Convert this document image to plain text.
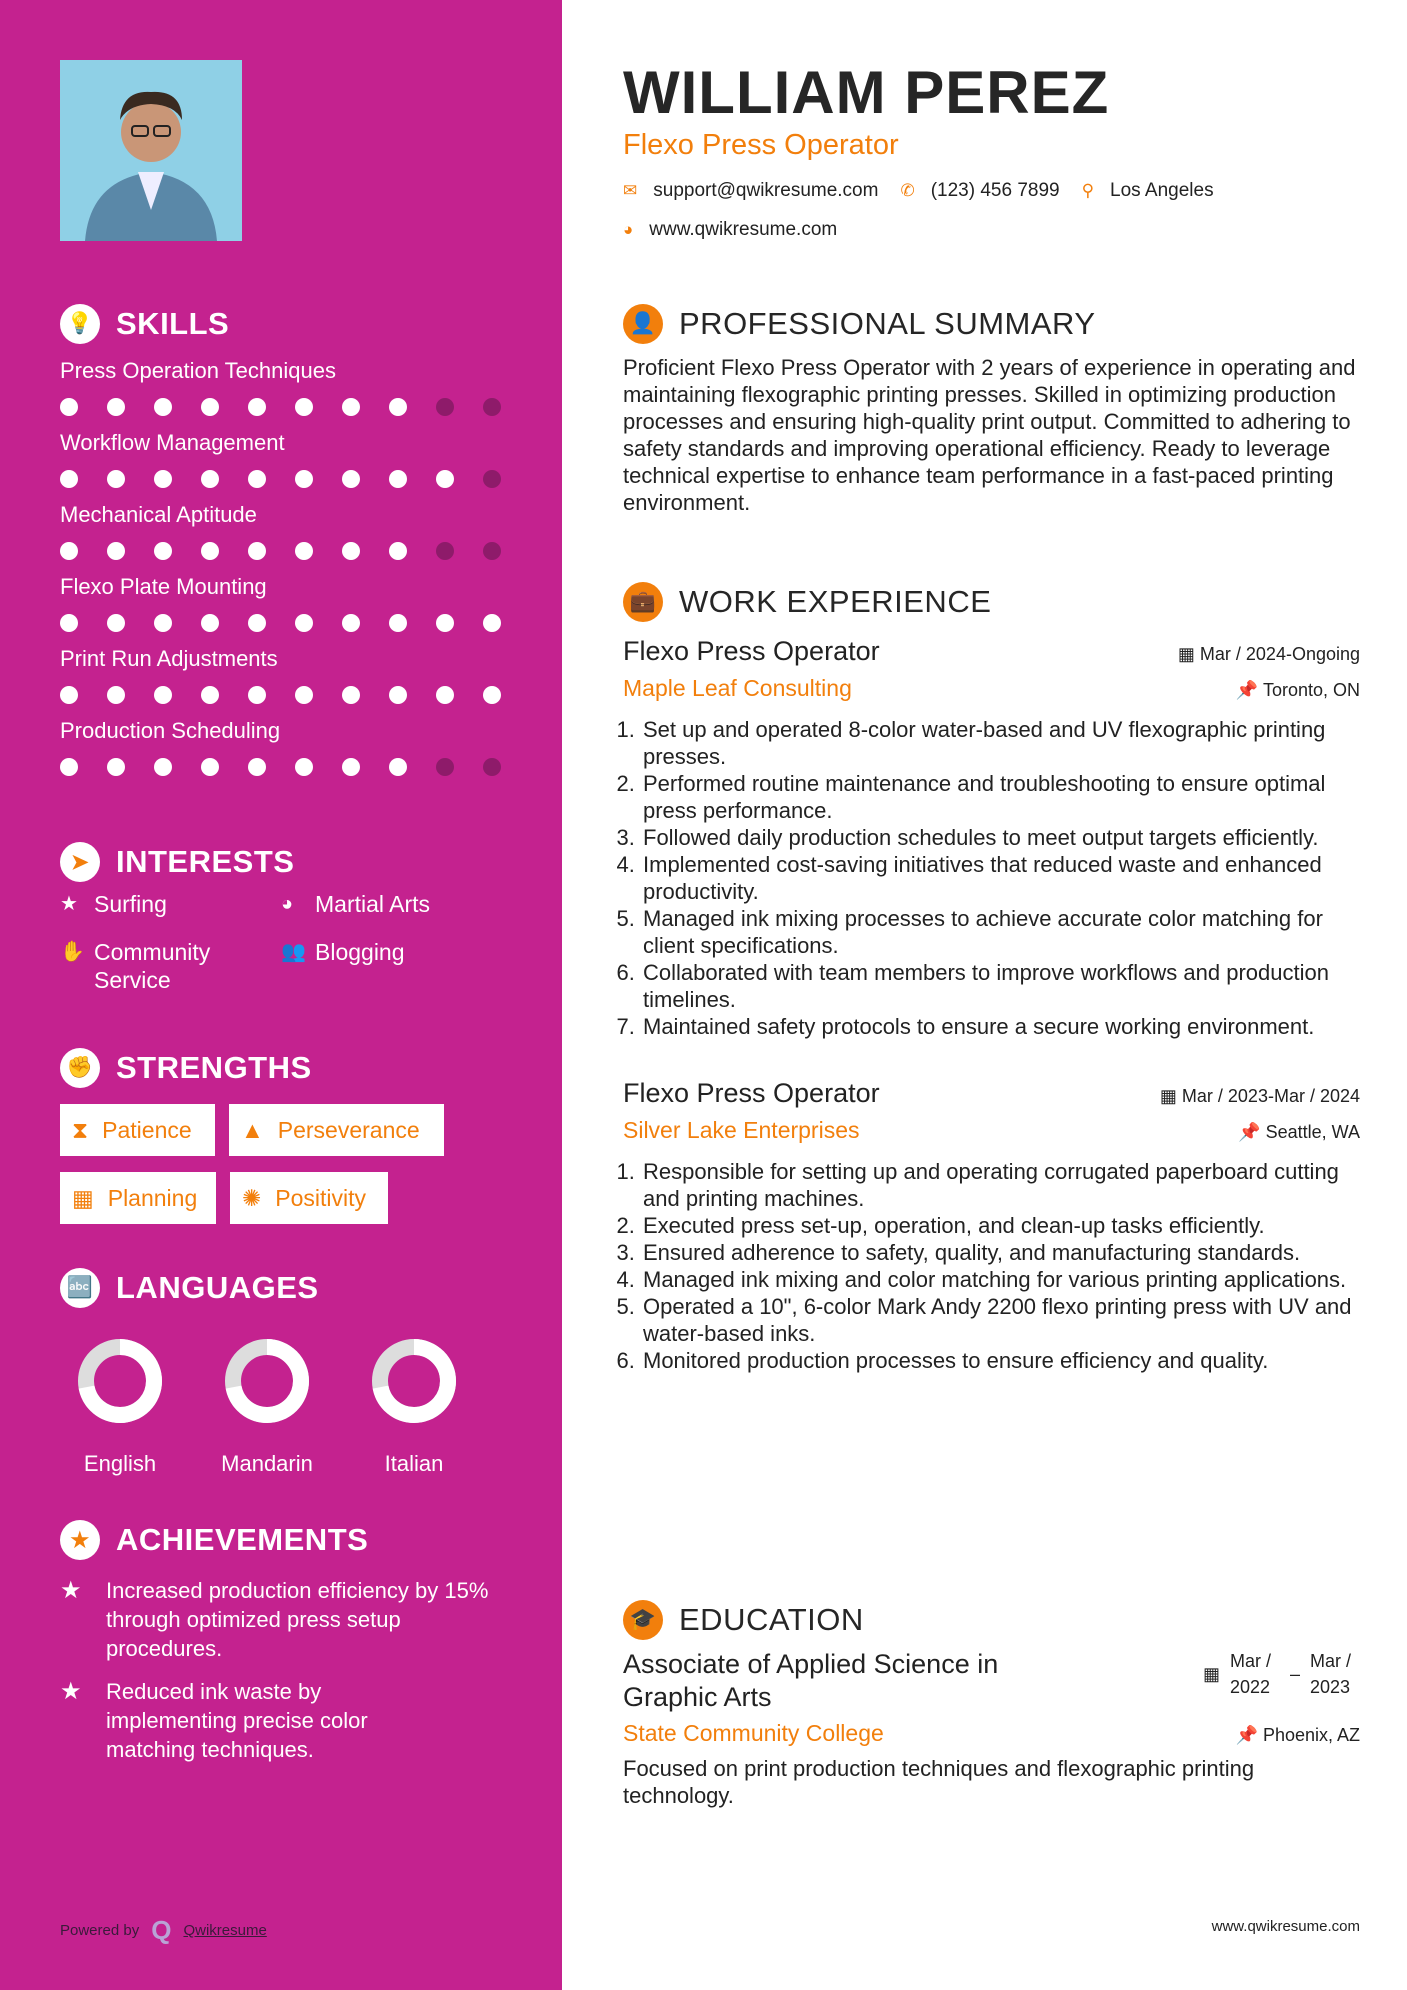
💡 SKILLS
Press Operation Techniques
Workflow Management
Mechanical Aptitude
Flexo Plate Mounting
Print Run Adjustments
Production Scheduling
➤ INTERESTS
★ Surfing	◕ Martial Arts
✋ Community Service
👥 Blogging
✊ STRENGTHS
⧗ Patience ▲ Perseverance
▦ Planning ✺ Positivity
🔤 LANGUAGES
English	Mandarin	Italian
★ ACHIEVEMENTS
★	Increased production efficiency by 15% through optimized press setup procedures.
★	Reduced ink waste by implementing precise color matching techniques.
Powered by Q Qwikresume
WILLIAM PEREZ
Flexo Press Operator
✉ support@qwikresume.com ✆ (123) 456 7899 ⚲ Los Angeles
◕ www.qwikresume.com
👤 PROFESSIONAL SUMMARY

Proficient Flexo Press Operator with 2 years of experience in operating and maintaining flexographic printing presses. Skilled in optimizing production processes and ensuring high-quality print output. Committed to adhering to safety standards and improving operational efficiency. Ready to leverage technical expertise to enhance team performance in a fast-paced printing environment.

💼 WORK EXPERIENCE
Flexo Press Operator	▦ Mar / 2024-Ongoing
Maple Leaf Consulting	📌 Toronto, ON
1. Set up and operated 8-color water-based and UV flexographic printing presses.
2. Performed routine maintenance and troubleshooting to ensure optimal press performance.
3. Followed daily production schedules to meet output targets efficiently.
4. Implemented cost-saving initiatives that reduced waste and enhanced productivity.
5. Managed ink mixing processes to achieve accurate color matching for client specifications.
6. Collaborated with team members to improve workflows and production timelines.
7. Maintained safety protocols to ensure a secure working environment.
Flexo Press Operator	▦ Mar / 2023-Mar / 2024
Silver Lake Enterprises	📌 Seattle, WA
1. Responsible for setting up and operating corrugated paperboard cutting and printing machines.
2. Executed press set-up, operation, and clean-up tasks efficiently.
3. Ensured adherence to safety, quality, and manufacturing standards.
4. Managed ink mixing and color matching for various printing applications.
5. Operated a 10", 6-color Mark Andy 2200 flexo printing press with UV and water-based inks.
6. Monitored production processes to ensure efficiency and quality.
🎓 EDUCATION
Associate of Applied Science in Graphic Arts
▦
Mar / 2022
–
Mar / 2023
State Community College	📌 Phoenix, AZ

Focused on print production techniques and flexographic printing technology.

www.qwikresume.com
